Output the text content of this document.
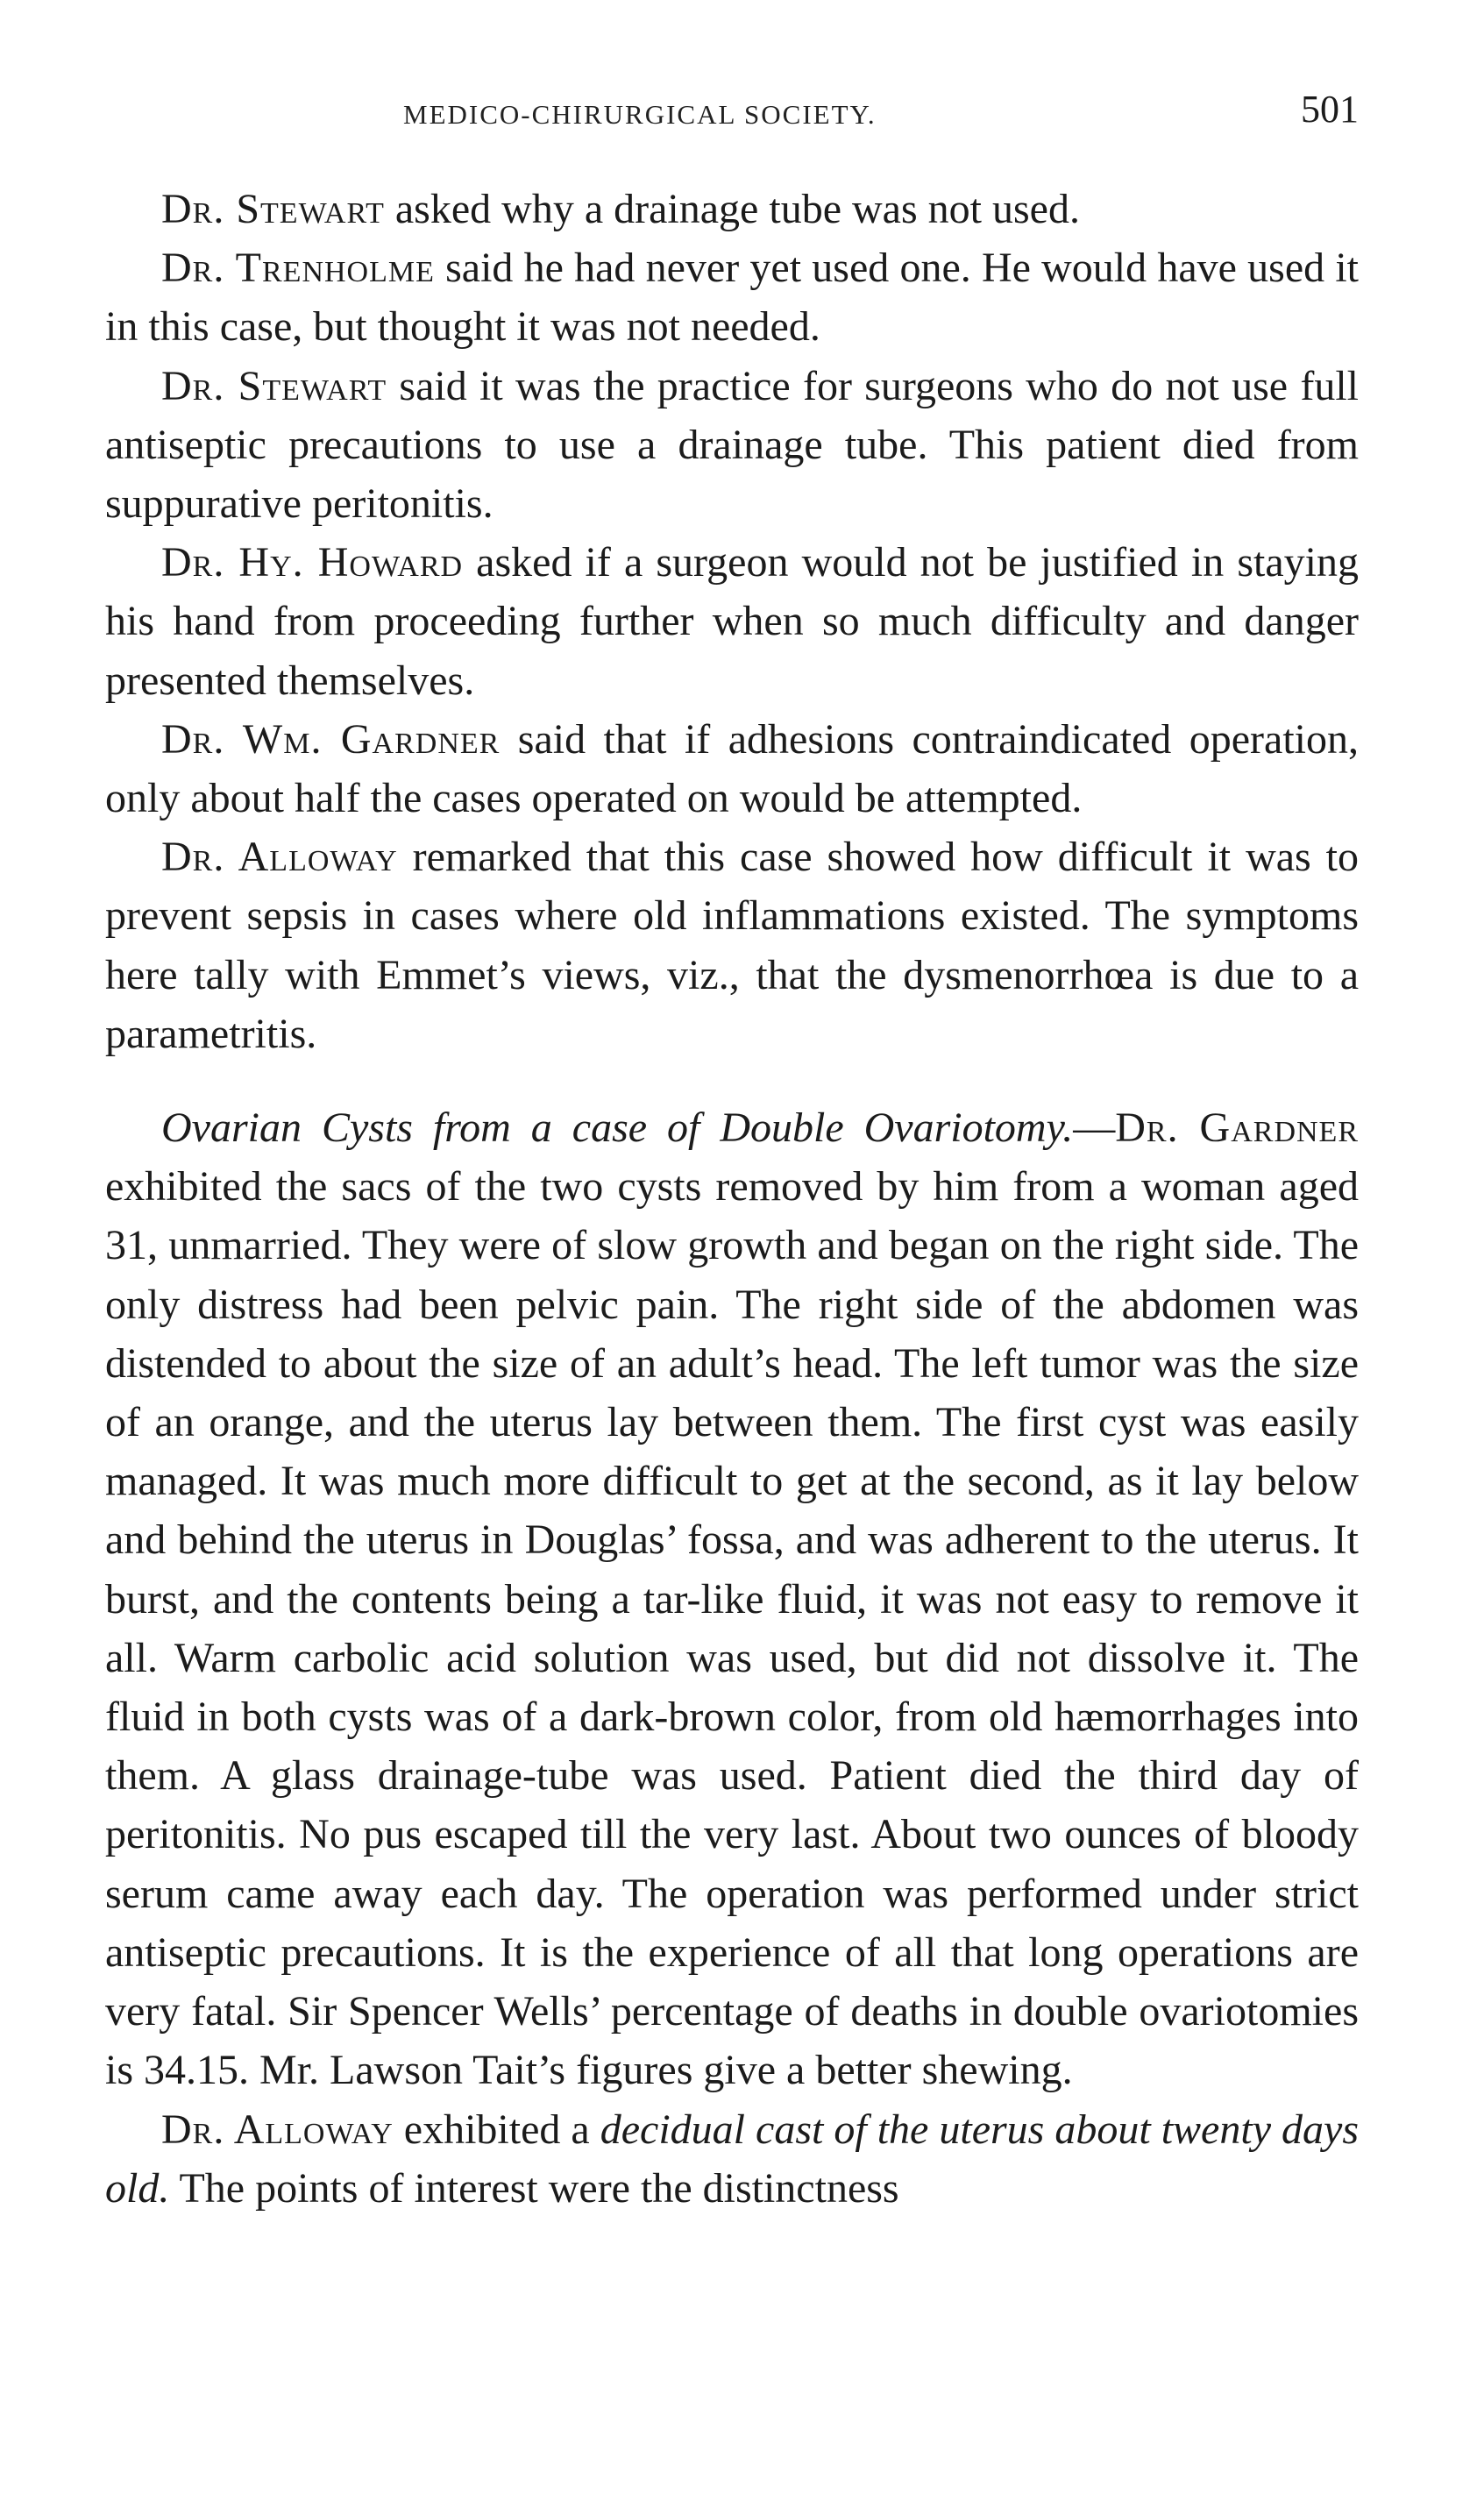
MEDICO-CHIRURGICAL SOCIETY.	501

Dr. Stewart asked why a drainage tube was not used.

Dr. Trenholme said he had never yet used one. He would have used it in this case, but thought it was not needed.

Dr. Stewart said it was the practice for surgeons who do not use full antiseptic precautions to use a drainage tube. This patient died from suppurative peritonitis.

Dr. Hy. Howard asked if a surgeon would not be justified in staying his hand from proceeding further when so much difficulty and danger presented themselves.

Dr. Wm. Gardner said that if adhesions contraindicated operation, only about half the cases operated on would be attempted.

Dr. Alloway remarked that this case showed how difficult it was to prevent sepsis in cases where old inflammations existed. The symptoms here tally with Emmet’s views, viz., that the dysmenorrhœa is due to a parametritis.

Ovarian Cysts from a case of Double Ovariotomy.—Dr. Gardner exhibited the sacs of the two cysts removed by him from a woman aged 31, unmarried. They were of slow growth and began on the right side. The only distress had been pelvic pain. The right side of the abdomen was distended to about the size of an adult’s head. The left tumor was the size of an orange, and the uterus lay between them. The first cyst was easily managed. It was much more difficult to get at the second, as it lay below and behind the uterus in Douglas’ fossa, and was adherent to the uterus. It burst, and the contents being a tar-like fluid, it was not easy to remove it all. Warm carbolic acid solution was used, but did not dissolve it. The fluid in both cysts was of a dark-brown color, from old hæmorrhages into them. A glass drainage-tube was used. Patient died the third day of peritonitis. No pus escaped till the very last. About two ounces of bloody serum came away each day. The operation was performed under strict antiseptic precautions. It is the experience of all that long operations are very fatal. Sir Spencer Wells’ percentage of deaths in double ovariotomies is 34.15. Mr. Lawson Tait’s figures give a better shewing.

Dr. Alloway exhibited a decidual cast of the uterus about twenty days old. The points of interest were the distinctness
